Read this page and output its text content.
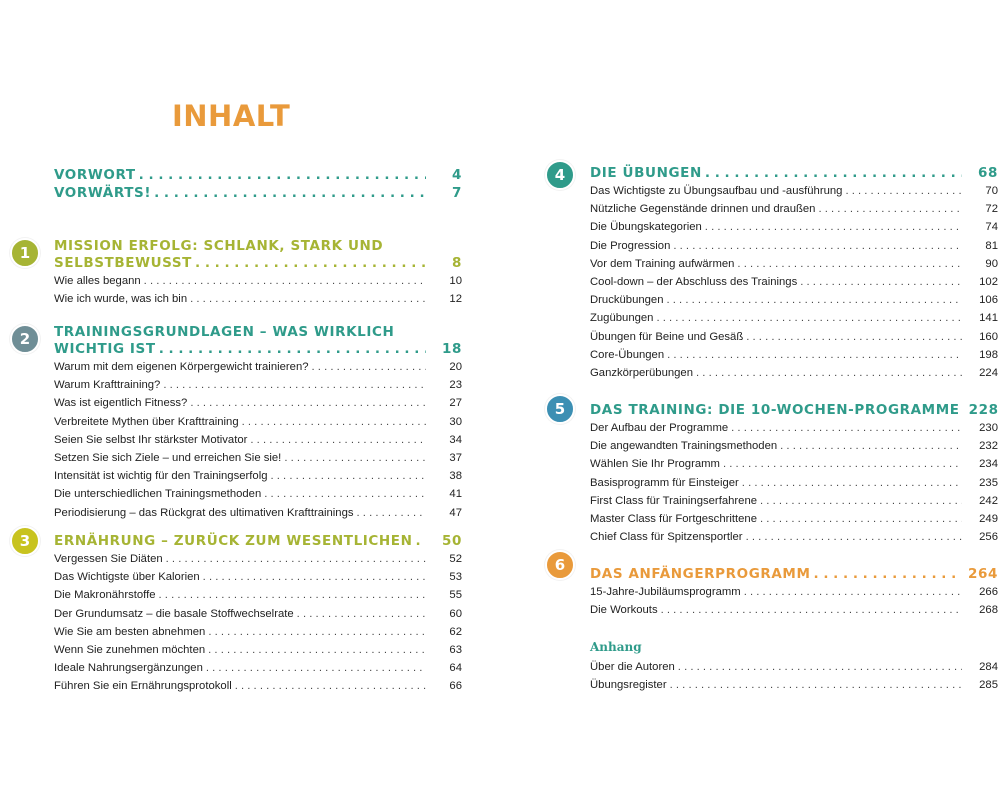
INHALT
VORWORT . . .	4
VORWÄRTS! . . .	7
1	MISSION ERFOLG: SCHLANK, STARK UND
SELBSTBEWUSST . . .	8
Wie alles begann . . .	10
Wie ich wurde, was ich bin . . .	12
2	TRAININGSGRUNDLAGEN – WAS WIRKLICH
WICHTIG IST . . .	18
Warum mit dem eigenen Körpergewicht trainieren? . . .	20
Warum Krafttraining? . . .	23
Was ist eigentlich Fitness? . . .	27
Verbreitete Mythen über Krafttraining . . .	30
Seien Sie selbst Ihr stärkster Motivator . . .	34
Setzen Sie sich Ziele – und erreichen Sie sie! . . .	37
Intensität ist wichtig für den Trainingserfolg . . .	38
Die unterschiedlichen Trainingsmethoden . . .	41
Periodisierung – das Rückgrat des ultimativen Krafttrainings . . .	47
3	ERNÄHRUNG – ZURÜCK ZUM WESENTLICHEN . . .	50
Vergessen Sie Diäten . . .	52
Das Wichtigste über Kalorien . . .	53
Die Makronährstoffe . . .	55
Der Grundumsatz – die basale Stoffwechselrate . . .	60
Wie Sie am besten abnehmen . . .	62
Wenn Sie zunehmen möchten . . .	63
Ideale Nahrungsergänzungen . . .	64
Führen Sie ein Ernährungsprotokoll . . .	66
4	DIE ÜBUNGEN . . .	68
Das Wichtigste zu Übungsaufbau und -ausführung . . .	70
Nützliche Gegenstände drinnen und draußen . . .	72
Die Übungskategorien . . .	74
Die Progression . . .	81
Vor dem Training aufwärmen . . .	90
Cool-down – der Abschluss des Trainings . . .	102
Druckübungen . . .	106
Zugübungen . . .	141
Übungen für Beine und Gesäß . . .	160
Core-Übungen . . .	198
Ganzkörperübungen . . .	224
5	DAS TRAINING: DIE 10-WOCHEN-PROGRAMME 228
Der Aufbau der Programme . . .	230
Die angewandten Trainingsmethoden . . .	232
Wählen Sie Ihr Programm . . .	234
Basisprogramm für Einsteiger . . .	235
First Class für Trainingserfahrene . . .	242
Master Class für Fortgeschrittene . . .	249
Chief Class für Spitzensportler . . .	256
6	DAS ANFÄNGERPROGRAMM . . .	264
15-Jahre-Jubiläumsprogramm . . .	266
Die Workouts . . .	268
Anhang
Über die Autoren . . .	284
Übungsregister . . .	285
